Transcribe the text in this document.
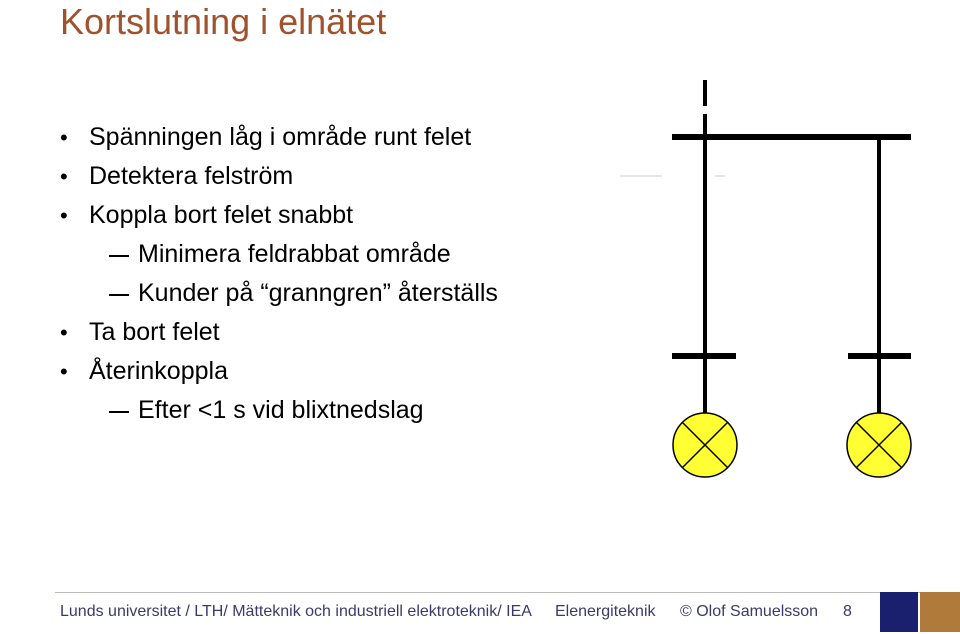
Kortslutning i elnätet
• Spänningen låg i område runt felet
• Detektera felström
• Koppla bort felet snabbt
Minimera feldrabbat område
Kunder på “granngren” återställs
• Ta bort felet
• Återinkoppla
Efter <1 s vid blixtnedslag
Lunds universitet / LTH/ Mätteknik och industriell elektroteknik/ IEA Elenergiteknik © Olof Samuelsson 8
